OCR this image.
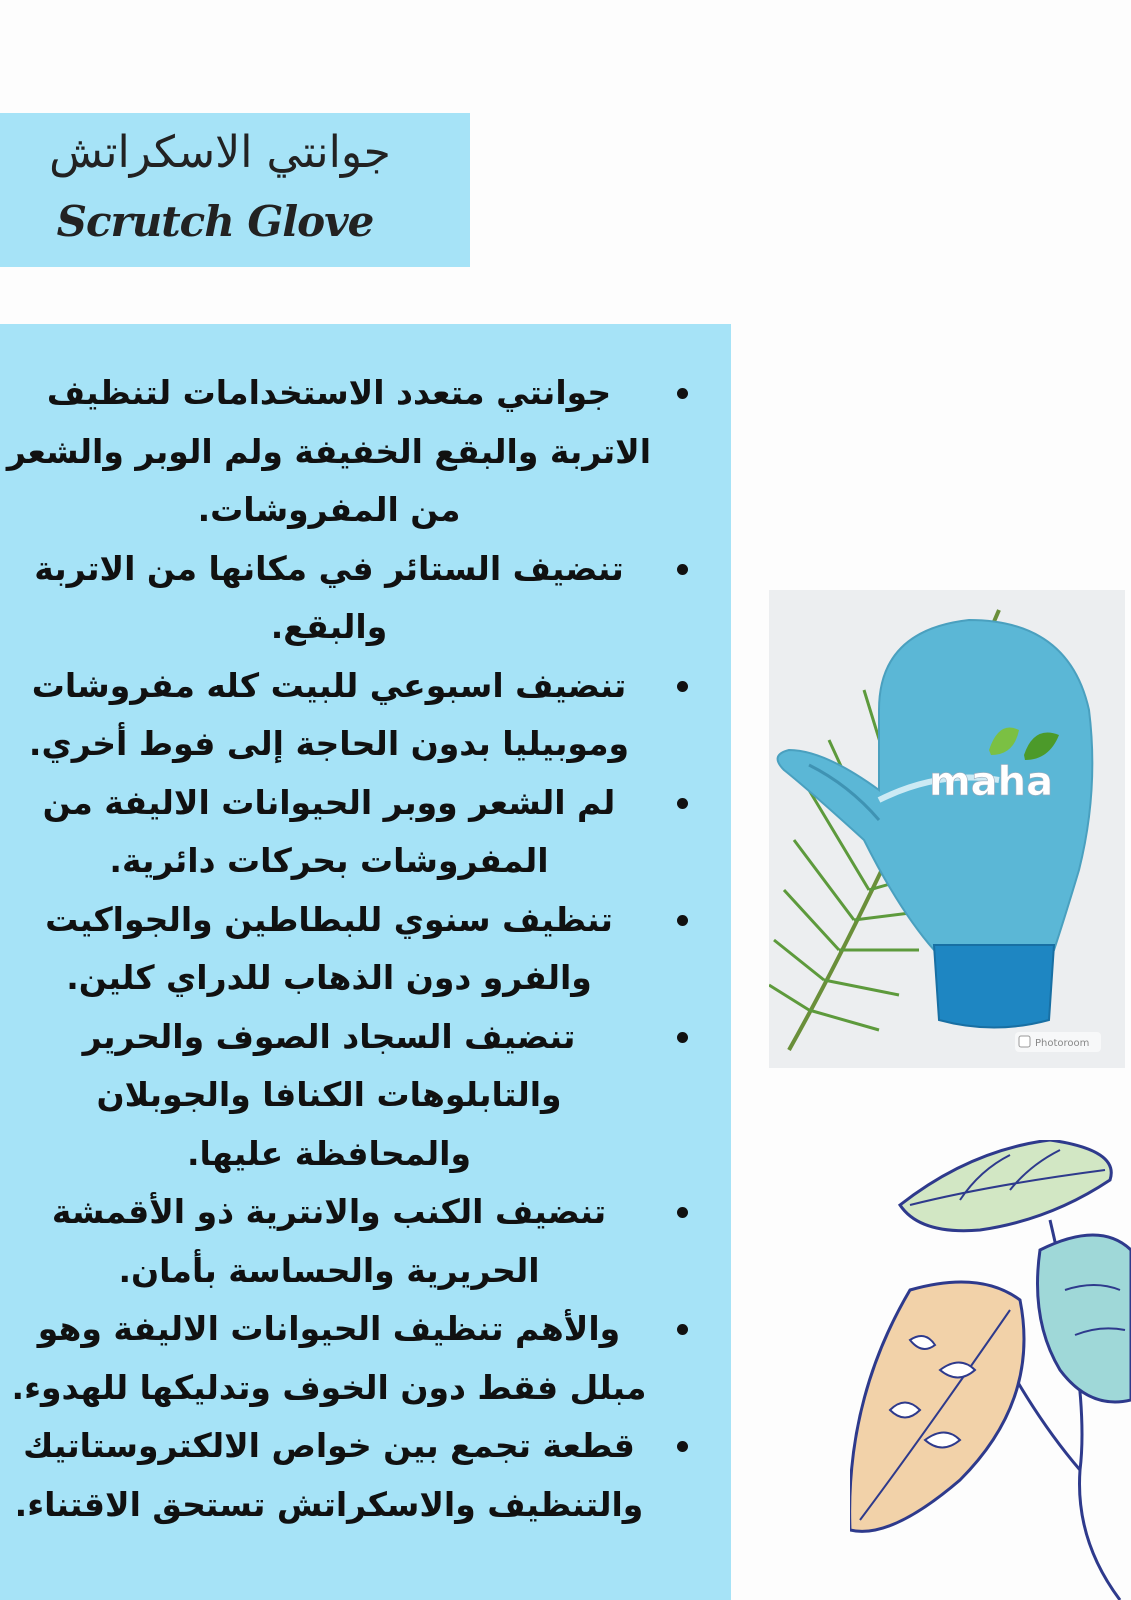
جوانتي الاسكراتش
Scrutch Glove
جوانتي متعدد الاستخدامات لتنظيف الاتربة والبقع الخفيفة ولم الوبر والشعر من المفروشات.
تنضيف الستائر في مكانها من الاتربة والبقع.
تنضيف اسبوعي للبيت كله مفروشات وموبيليا بدون الحاجة إلى فوط أخري.
لم الشعر ووبر الحيوانات الاليفة من المفروشات بحركات دائرية.
تنظيف سنوي للبطاطين والجواكيت والفرو دون الذهاب للدراي كلين.
تنضيف السجاد الصوف والحرير والتابلوهات الكنافا والجوبلان والمحافظة عليها.
تنضيف الكنب والانترية ذو الأقمشة الحريرية والحساسة بأمان.
والأهم تنظيف الحيوانات الاليفة وهو مبلل فقط دون الخوف وتدليكها للهدوء.
قطعة تجمع بين خواص الالكتروستاتيك والتنظيف والاسكراتش تستحق الاقتناء.
maha
Photoroom
